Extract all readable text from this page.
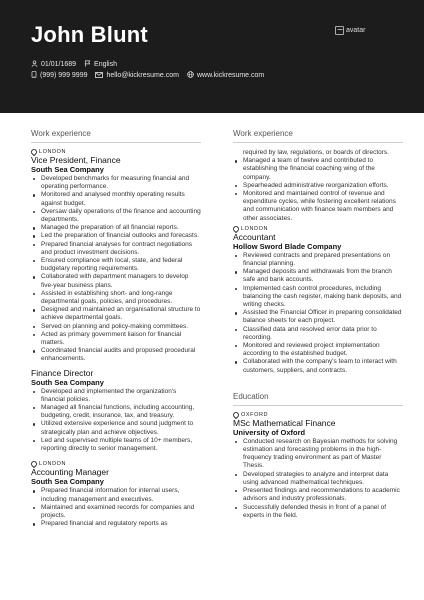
John Blunt	avatar
01/01/1689	English
(999) 999 9999	hello@kickresume.com	www.kickresume.com
Work experience
LONDON
Vice President, Finance
South Sea Company
Developed benchmarks for measuring financial and operating performance.
Monitored and analysed monthly operating results against budget.
Oversaw daily operations of the finance and accounting departments.
Managed the preparation of all financial reports.
Led the preparation of financial outlooks and forecasts.
Prepared financial analyses for contract negotiations and product investment decisions.
Ensured compliance with local, state, and federal budgetary reporting requirements.
Collaborated with department managers to develop five-year business plans.
Assisted in establishing short- and long-range departmental goals, policies, and procedures.
Designed and maintained an organisational structure to achieve departmental goals.
Served on planning and policy-making committees.
Acted as primary government liaison for financial matters.
Coordinated financial audits and proposed procedural enhancements.
Finance Director
South Sea Company
Developed and implemented the organization's financial policies.
Managed all financial functions, including accounting, budgeting, credit, insurance, tax, and treasury.
Utilized extensive experience and sound judgment to strategically plan and achieve objectives.
Led and supervised multiple teams of 10+ members, reporting directly to senior management.
LONDON
Accounting Manager
South Sea Company
Prepared financial information for internal users, including management and executives.
Maintained and examined records for companies and projects.
Prepared financial and regulatory reports as
Work experience
required by law, regulations, or boards of directors.
Managed a team of twelve and contributed to establishing the financial coaching wing of the company.
Spearheaded administrative reorganization efforts.
Monitored and maintained control of revenue and expenditure cycles, while fostering excellent relations and communication with finance team members and other associates.
LONDON
Accountant
Hollow Sword Blade Company
Reviewed contracts and prepared presentations on financial planning.
Managed deposits and withdrawals from the branch safe and bank accounts.
Implemented cash control procedures, including balancing the cash register, making bank deposits, and writing checks.
Assisted the Financial Officer in preparing consolidated balance sheets for each project.
Classified data and resolved error data prior to recording.
Monitored and reviewed project implementation according to the established budget.
Collaborated with the company's team to interact with customers, suppliers, and contracts.
Education
OXFORD
MSc Mathematical Finance
University of Oxford
Conducted research on Bayesian methods for solving estimation and forecasting problems in the high-frequency trading environment as part of Master Thesis.
Developed strategies to analyze and interpret data using advanced mathematical techniques.
Presented findings and recommendations to academic advisors and industry professionals.
Successfully defended thesis in front of a panel of experts in the field.
